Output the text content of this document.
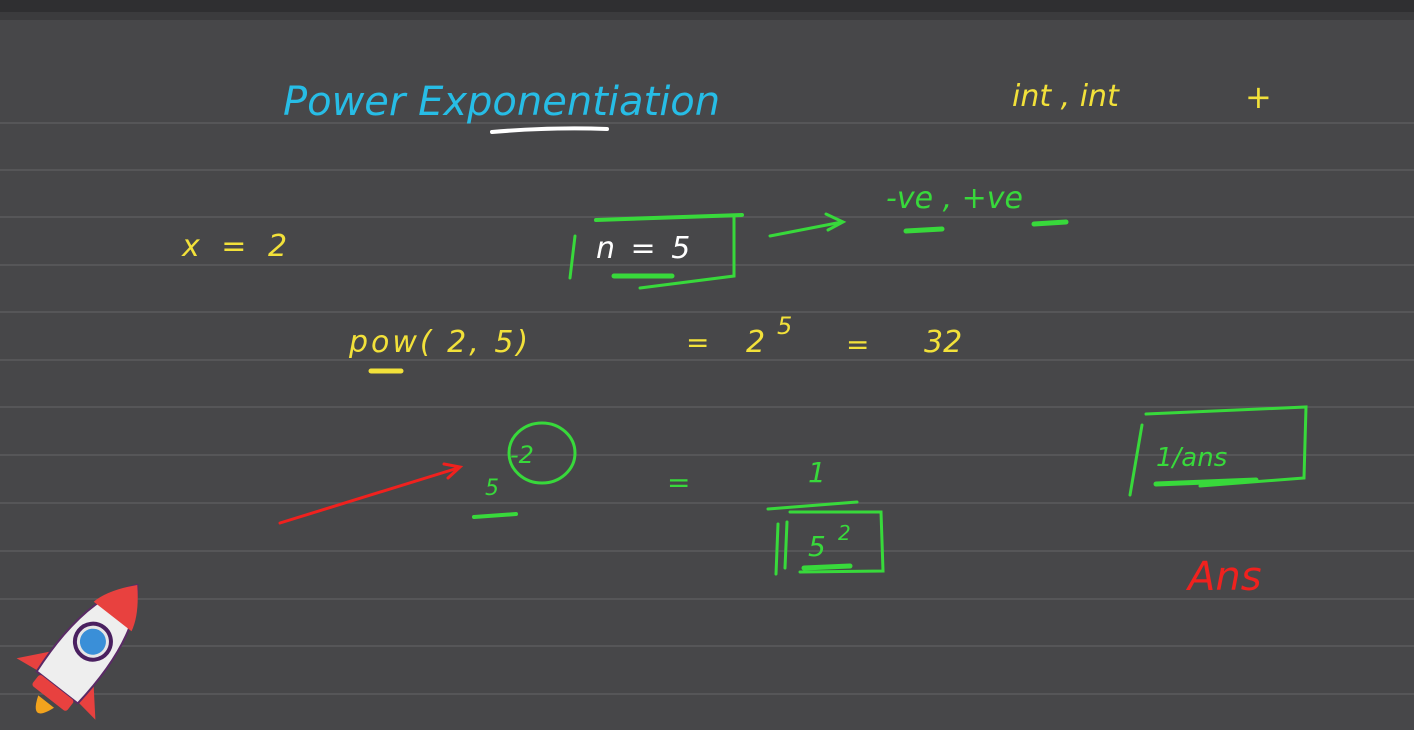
Power Exponentiation	int , int	+
-ve , +ve
x = 2	n = 5
pow( 2, 5)	= 2 5
= 32
-2
5	=	1
5 2
1/ans
Ans
